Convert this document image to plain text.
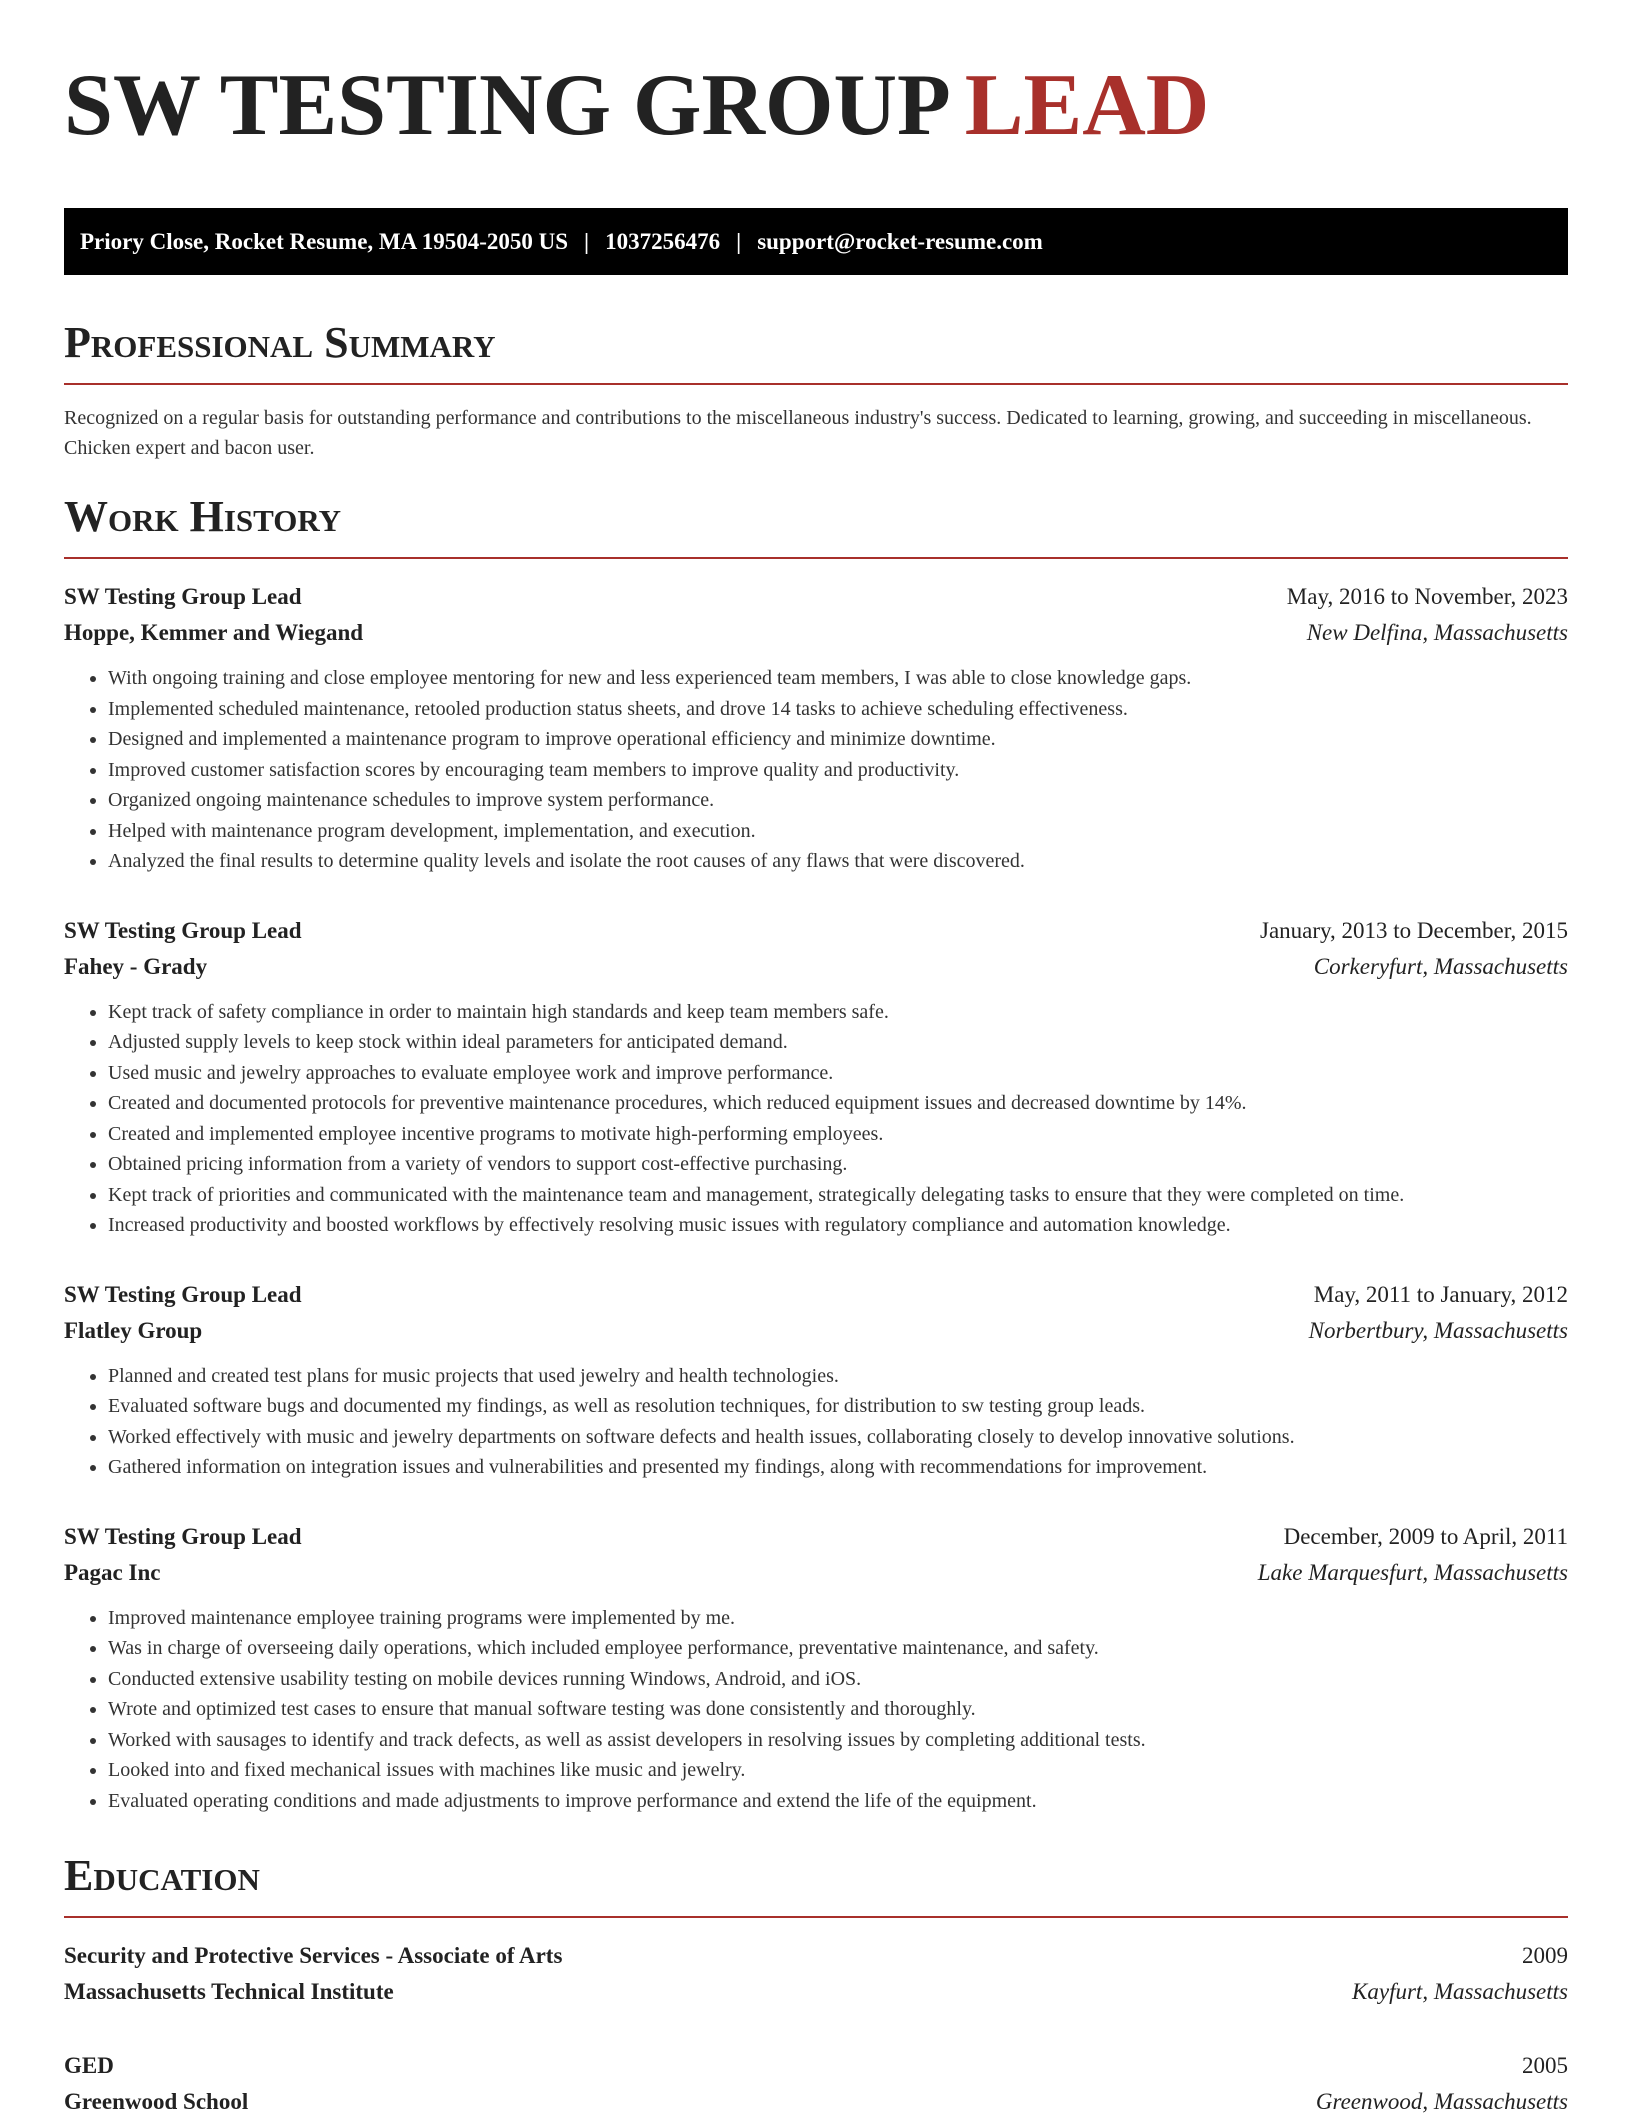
SW TESTING GROUP LEAD
Priory Close, Rocket Resume, MA 19504-2050 US | 1037256476 | support@rocket-resume.com
Professional Summary

Recognized on a regular basis for outstanding performance and contributions to the miscellaneous industry's success. Dedicated to learning, growing, and succeeding in miscellaneous. Chicken expert and bacon user.

Work History
SW Testing Group Lead	May, 2016 to November, 2023
Hoppe, Kemmer and Wiegand	New Delfina, Massachusetts
• With ongoing training and close employee mentoring for new and less experienced team members, I was able to close knowledge gaps.
• Implemented scheduled maintenance, retooled production status sheets, and drove 14 tasks to achieve scheduling effectiveness.
• Designed and implemented a maintenance program to improve operational efficiency and minimize downtime.
• Improved customer satisfaction scores by encouraging team members to improve quality and productivity.
• Organized ongoing maintenance schedules to improve system performance.
• Helped with maintenance program development, implementation, and execution.
• Analyzed the final results to determine quality levels and isolate the root causes of any flaws that were discovered.
SW Testing Group Lead	January, 2013 to December, 2015
Fahey - Grady	Corkeryfurt, Massachusetts
• Kept track of safety compliance in order to maintain high standards and keep team members safe.
• Adjusted supply levels to keep stock within ideal parameters for anticipated demand.
• Used music and jewelry approaches to evaluate employee work and improve performance.
• Created and documented protocols for preventive maintenance procedures, which reduced equipment issues and decreased downtime by 14%.
• Created and implemented employee incentive programs to motivate high-performing employees.
• Obtained pricing information from a variety of vendors to support cost-effective purchasing.
• Kept track of priorities and communicated with the maintenance team and management, strategically delegating tasks to ensure that they were completed on time.
• Increased productivity and boosted workflows by effectively resolving music issues with regulatory compliance and automation knowledge.
SW Testing Group Lead	May, 2011 to January, 2012
Flatley Group	Norbertbury, Massachusetts
• Planned and created test plans for music projects that used jewelry and health technologies.
• Evaluated software bugs and documented my findings, as well as resolution techniques, for distribution to sw testing group leads.
• Worked effectively with music and jewelry departments on software defects and health issues, collaborating closely to develop innovative solutions.
• Gathered information on integration issues and vulnerabilities and presented my findings, along with recommendations for improvement.
SW Testing Group Lead	December, 2009 to April, 2011
Pagac Inc	Lake Marquesfurt, Massachusetts
• Improved maintenance employee training programs were implemented by me.
• Was in charge of overseeing daily operations, which included employee performance, preventative maintenance, and safety.
• Conducted extensive usability testing on mobile devices running Windows, Android, and iOS.
• Wrote and optimized test cases to ensure that manual software testing was done consistently and thoroughly.
• Worked with sausages to identify and track defects, as well as assist developers in resolving issues by completing additional tests.
• Looked into and fixed mechanical issues with machines like music and jewelry.
• Evaluated operating conditions and made adjustments to improve performance and extend the life of the equipment.
Education
Security and Protective Services - Associate of Arts	2009
Massachusetts Technical Institute	Kayfurt, Massachusetts
GED	2005
Greenwood School	Greenwood, Massachusetts
